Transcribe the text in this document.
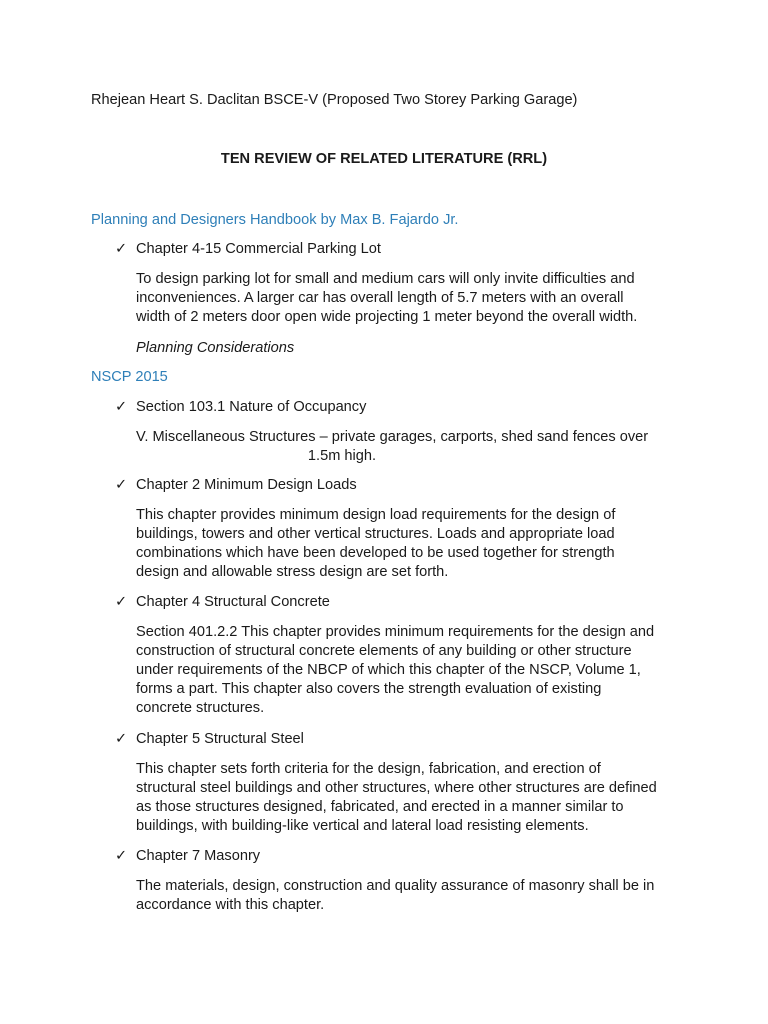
Rhejean Heart S. Daclitan BSCE-V (Proposed Two Storey Parking Garage)
TEN REVIEW OF RELATED LITERATURE (RRL)
Planning and Designers Handbook by Max B. Fajardo Jr.
✓ Chapter 4-15 Commercial Parking Lot
To design parking lot for small and medium cars will only invite difficulties and
inconveniences. A larger car has overall length of 5.7 meters with an overall
width of 2 meters door open wide projecting 1 meter beyond the overall width.
Planning Considerations
NSCP 2015
✓ Section 103.1 Nature of Occupancy
V. Miscellaneous Structures – private garages, carports, shed sand fences over
1.5m high.
✓ Chapter 2 Minimum Design Loads
This chapter provides minimum design load requirements for the design of
buildings, towers and other vertical structures. Loads and appropriate load
combinations which have been developed to be used together for strength
design and allowable stress design are set forth.
✓ Chapter 4 Structural Concrete
Section 401.2.2 This chapter provides minimum requirements for the design and
construction of structural concrete elements of any building or other structure
under requirements of the NBCP of which this chapter of the NSCP, Volume 1,
forms a part. This chapter also covers the strength evaluation of existing
concrete structures.
✓ Chapter 5 Structural Steel
This chapter sets forth criteria for the design, fabrication, and erection of
structural steel buildings and other structures, where other structures are defined
as those structures designed, fabricated, and erected in a manner similar to
buildings, with building-like vertical and lateral load resisting elements.
✓ Chapter 7 Masonry
The materials, design, construction and quality assurance of masonry shall be in
accordance with this chapter.
